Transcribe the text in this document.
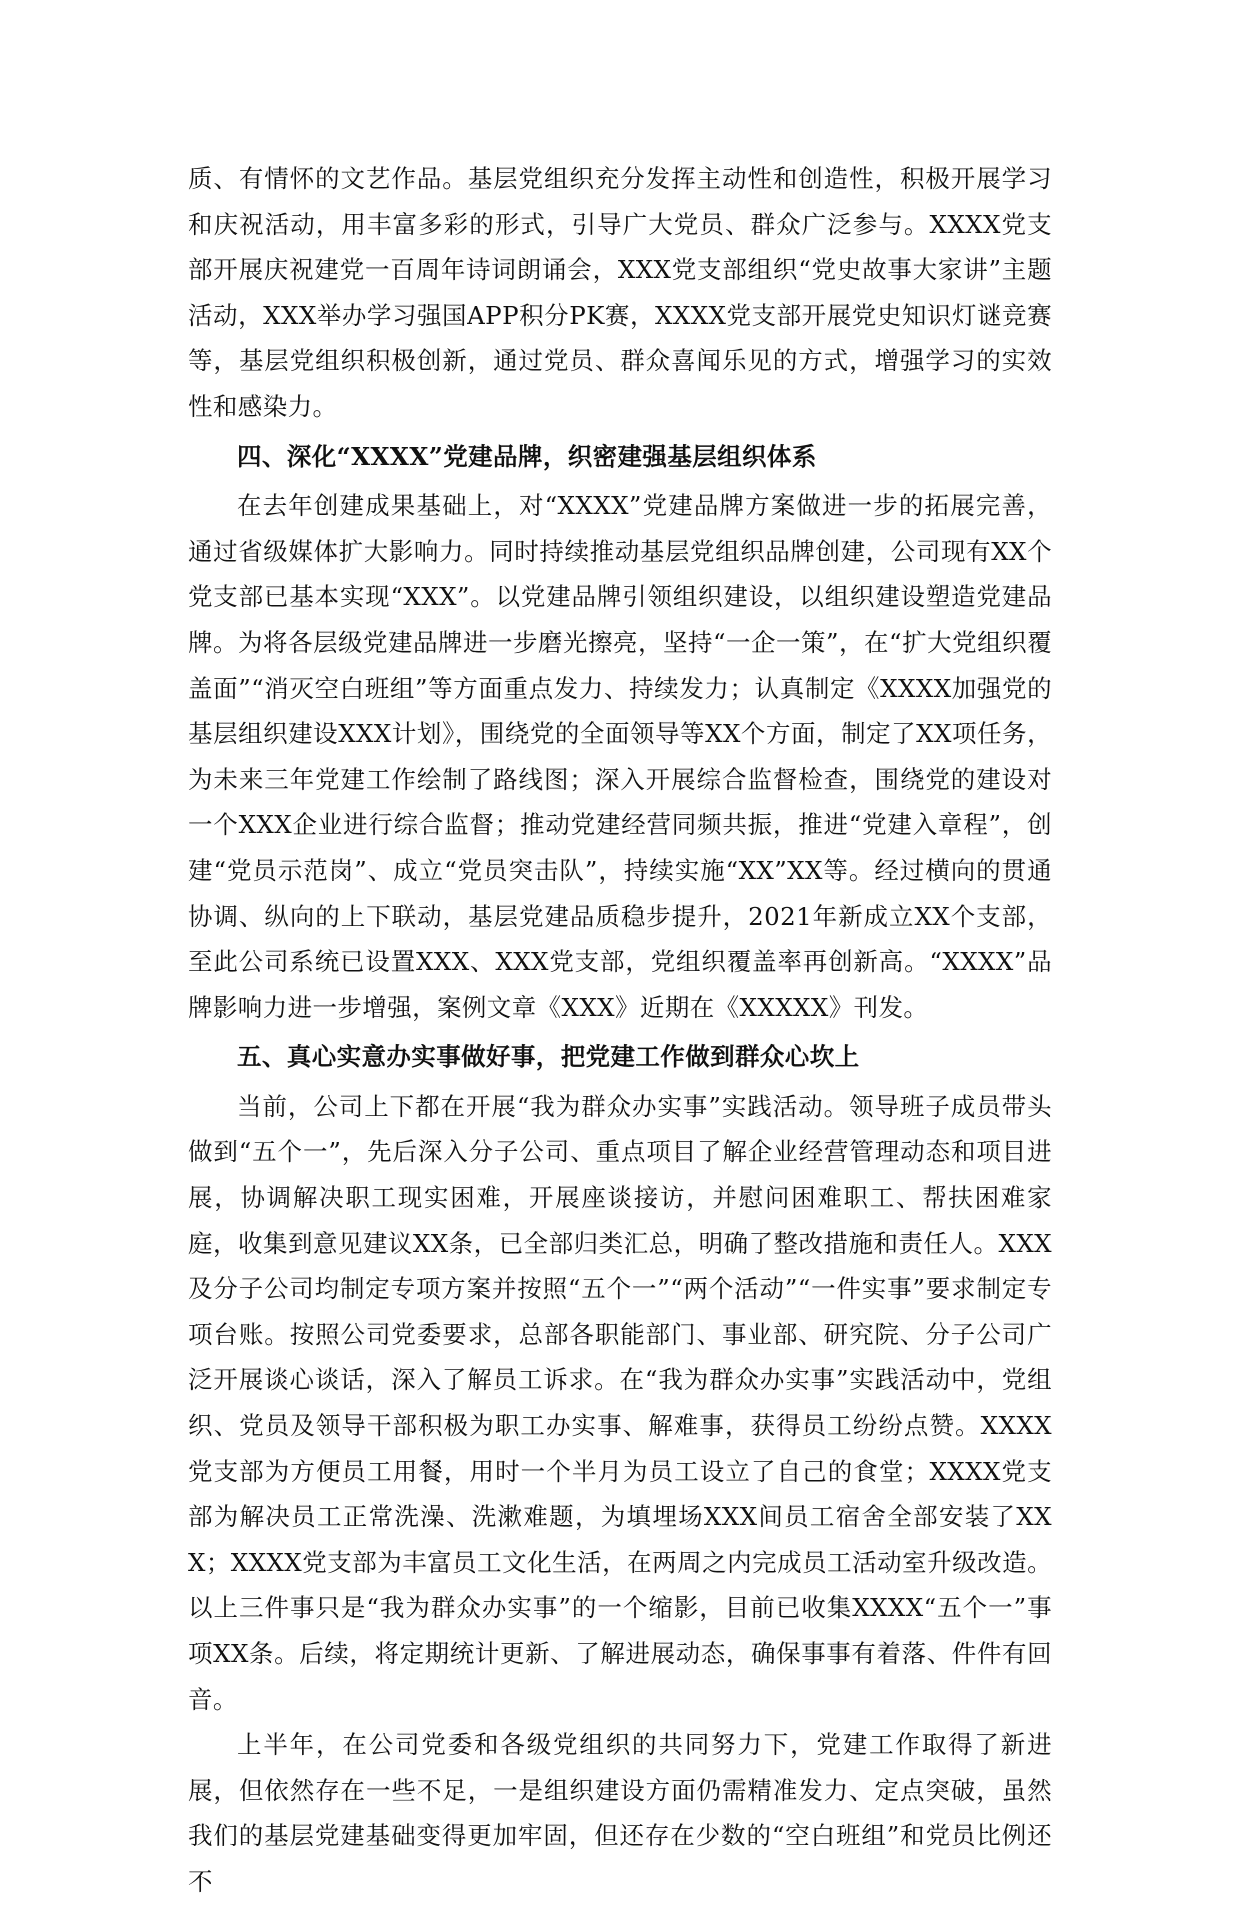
质、有情怀的文艺作品。基层党组织充分发挥主动性和创造性，积极开展学习和庆祝活动，用丰富多彩的形式，引导广大党员、群众广泛参与。XXXX党支部开展庆祝建党一百周年诗词朗诵会，XXX党支部组织“党史故事大家讲”主题活动，XXX举办学习强国APP积分PK赛，XXXX党支部开展党史知识灯谜竞赛等，基层党组织积极创新，通过党员、群众喜闻乐见的方式，增强学习的实效性和感染力。

四、深化“XXXX”党建品牌，织密建强基层组织体系

在去年创建成果基础上，对“XXXX”党建品牌方案做进一步的拓展完善，通过省级媒体扩大影响力。同时持续推动基层党组织品牌创建，公司现有XX个党支部已基本实现“XXX”。以党建品牌引领组织建设，以组织建设塑造党建品牌。为将各层级党建品牌进一步磨光擦亮，坚持“一企一策”，在“扩大党组织覆盖面”“消灭空白班组”等方面重点发力、持续发力；认真制定《XXXX加强党的基层组织建设XXX计划》，围绕党的全面领导等XX个方面，制定了XX项任务，为未来三年党建工作绘制了路线图；深入开展综合监督检查，围绕党的建设对一个XXX企业进行综合监督；推动党建经营同频共振，推进“党建入章程”，创建“党员示范岗”、成立“党员突击队”，持续实施“XX”XX等。经过横向的贯通协调、纵向的上下联动，基层党建品质稳步提升，2021年新成立XX个支部，至此公司系统已设置XXX、XXX党支部，党组织覆盖率再创新高。“XXXX”品牌影响力进一步增强，案例文章《XXX》近期在《XXXXX》刊发。

五、真心实意办实事做好事，把党建工作做到群众心坎上

当前，公司上下都在开展“我为群众办实事”实践活动。领导班子成员带头做到“五个一”，先后深入分子公司、重点项目了解企业经营管理动态和项目进展，协调解决职工现实困难，开展座谈接访，并慰问困难职工、帮扶困难家庭，收集到意见建议XX条，已全部归类汇总，明确了整改措施和责任人。XXX及分子公司均制定专项方案并按照“五个一”“两个活动”“一件实事”要求制定专项台账。按照公司党委要求，总部各职能部门、事业部、研究院、分子公司广泛开展谈心谈话，深入了解员工诉求。在“我为群众办实事”实践活动中，党组织、党员及领导干部积极为职工办实事、解难事，获得员工纷纷点赞。XXXX党支部为方便员工用餐，用时一个半月为员工设立了自己的食堂；XXXX党支部为解决员工正常洗澡、洗漱难题，为填埋场XXX间员工宿舍全部安装了XXX；XXXX党支部为丰富员工文化生活，在两周之内完成员工活动室升级改造。以上三件事只是“我为群众办实事”的一个缩影，目前已收集XXXX“五个一”事项XX条。后续，将定期统计更新、了解进展动态，确保事事有着落、件件有回音。

上半年，在公司党委和各级党组织的共同努力下，党建工作取得了新进展，但依然存在一些不足，一是组织建设方面仍需精准发力、定点突破，虽然我们的基层党建基础变得更加牢固，但还存在少数的“空白班组”和党员比例还不
